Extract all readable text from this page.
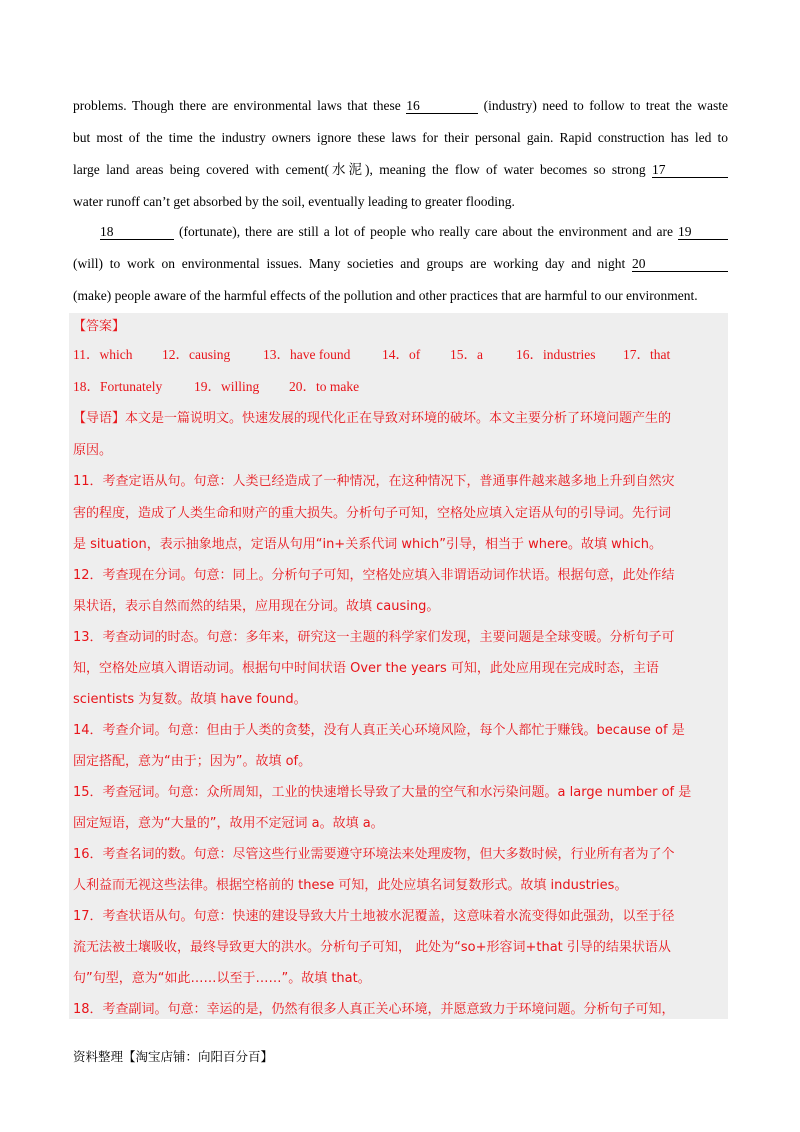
problems. Though there are environmental laws that these 16	(industry) need to follow to treat the waste
but most of the time the industry owners ignore these laws for their personal gain. Rapid construction has led to
large land areas being covered with cement(水泥), meaning the flow of water becomes so strong 17
water runoff can’t get absorbed by the soil, eventually leading to greater flooding.
18	(fortunate), there are still a lot of people who really care about the environment and are 19
(will) to work on environmental issues. Many societies and groups are working day and night 20
(make) people aware of the harmful effects of the pollution and other practices that are harmful to our environment.
【答案】
11．which 12．causing 13．have found 14．of 15．a 16．industries 17．that
18．Fortunately 19．willing 20．to make
【导语】本文是一篇说明文。快速发展的现代化正在导致对环境的破坏。本文主要分析了环境问题产生的
原因。
11．考查定语从句。句意：人类已经造成了一种情况，在这种情况下，普通事件越来越多地上升到自然灾
害的程度，造成了人类生命和财产的重大损失。分析句子可知，空格处应填入定语从句的引导词。先行词
是 situation，表示抽象地点，定语从句用“in+关系代词 which”引导，相当于 where。故填 which。
12．考查现在分词。句意：同上。分析句子可知，空格处应填入非谓语动词作状语。根据句意，此处作结
果状语，表示自然而然的结果，应用现在分词。故填 causing。
13．考查动词的时态。句意：多年来，研究这一主题的科学家们发现，主要问题是全球变暖。分析句子可
知，空格处应填入谓语动词。根据句中时间状语 Over the years 可知，此处应用现在完成时态，主语
scientists 为复数。故填 have found。
14．考查介词。句意：但由于人类的贪婪，没有人真正关心环境风险，每个人都忙于赚钱。because of 是
固定搭配，意为“由于；因为”。故填 of。
15．考查冠词。句意：众所周知，工业的快速增长导致了大量的空气和水污染问题。a large number of 是
固定短语，意为“大量的”，故用不定冠词 a。故填 a。
16．考查名词的数。句意：尽管这些行业需要遵守环境法来处理废物，但大多数时候，行业所有者为了个
人利益而无视这些法律。根据空格前的 these 可知，此处应填名词复数形式。故填 industries。
17．考查状语从句。句意：快速的建设导致大片土地被水泥覆盖，这意味着水流变得如此强劲，以至于径
流无法被土壤吸收，最终导致更大的洪水。分析句子可知， 此处为“so+形容词+that 引导的结果状语从
句”句型，意为“如此……以至于……”。故填 that。
18．考查副词。句意：幸运的是，仍然有很多人真正关心环境，并愿意致力于环境问题。分析句子可知，
资料整理【淘宝店铺：向阳百分百】
